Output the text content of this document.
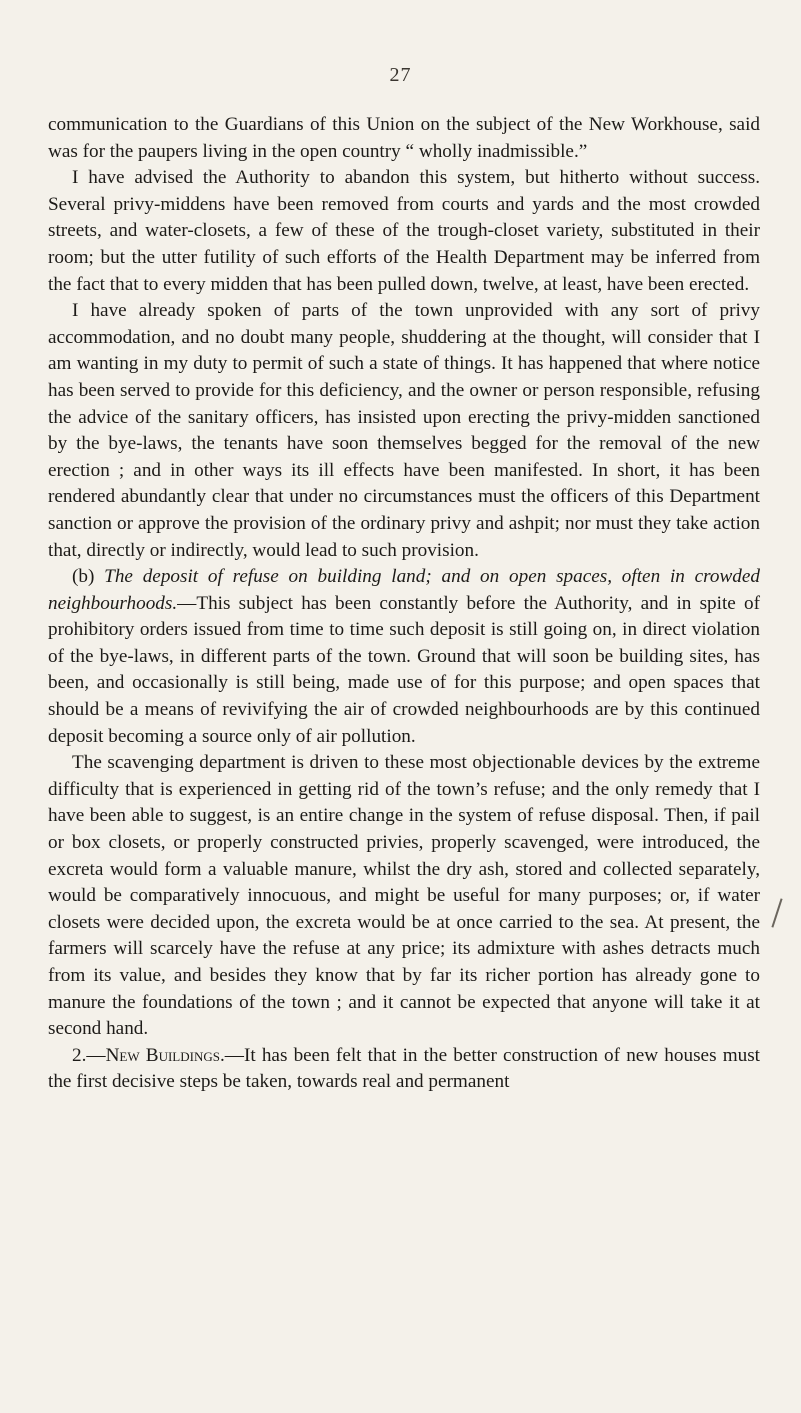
27

communication to the Guardians of this Union on the subject of the New Workhouse, said was for the paupers living in the open country “ wholly inadmissible.”

I have advised the Authority to abandon this system, but hitherto without success. Several privy-middens have been removed from courts and yards and the most crowded streets, and water-closets, a few of these of the trough-closet variety, substituted in their room; but the utter futility of such efforts of the Health Department may be inferred from the fact that to every midden that has been pulled down, twelve, at least, have been erected.

I have already spoken of parts of the town unprovided with any sort of privy accommodation, and no doubt many people, shuddering at the thought, will consider that I am wanting in my duty to permit of such a state of things. It has happened that where notice has been served to provide for this deficiency, and the owner or person responsible, refusing the advice of the sanitary officers, has insisted upon erecting the privy-midden sanctioned by the bye-laws, the tenants have soon themselves begged for the removal of the new erection ; and in other ways its ill effects have been manifested. In short, it has been rendered abundantly clear that under no circumstances must the officers of this Department sanction or approve the provision of the ordinary privy and ashpit; nor must they take action that, directly or indirectly, would lead to such provision.

(b) The deposit of refuse on building land; and on open spaces, often in crowded neighbourhoods.—This subject has been constantly before the Authority, and in spite of prohibitory orders issued from time to time such deposit is still going on, in direct violation of the bye-laws, in different parts of the town. Ground that will soon be building sites, has been, and occasionally is still being, made use of for this purpose; and open spaces that should be a means of revivifying the air of crowded neighbourhoods are by this continued deposit becoming a source only of air pollution.

The scavenging department is driven to these most objectionable devices by the extreme difficulty that is experienced in getting rid of the town’s refuse; and the only remedy that I have been able to suggest, is an entire change in the system of refuse disposal. Then, if pail or box closets, or properly constructed privies, properly scavenged, were introduced, the excreta would form a valuable manure, whilst the dry ash, stored and collected separately, would be comparatively innocuous, and might be useful for many purposes; or, if water closets were decided upon, the excreta would be at once carried to the sea. At present, the farmers will scarcely have the refuse at any price; its admixture with ashes detracts much from its value, and besides they know that by far its richer portion has already gone to manure the foundations of the town ; and it cannot be expected that anyone will take it at second hand.

2.—New Buildings.—It has been felt that in the better construction of new houses must the first decisive steps be taken, towards real and permanent
